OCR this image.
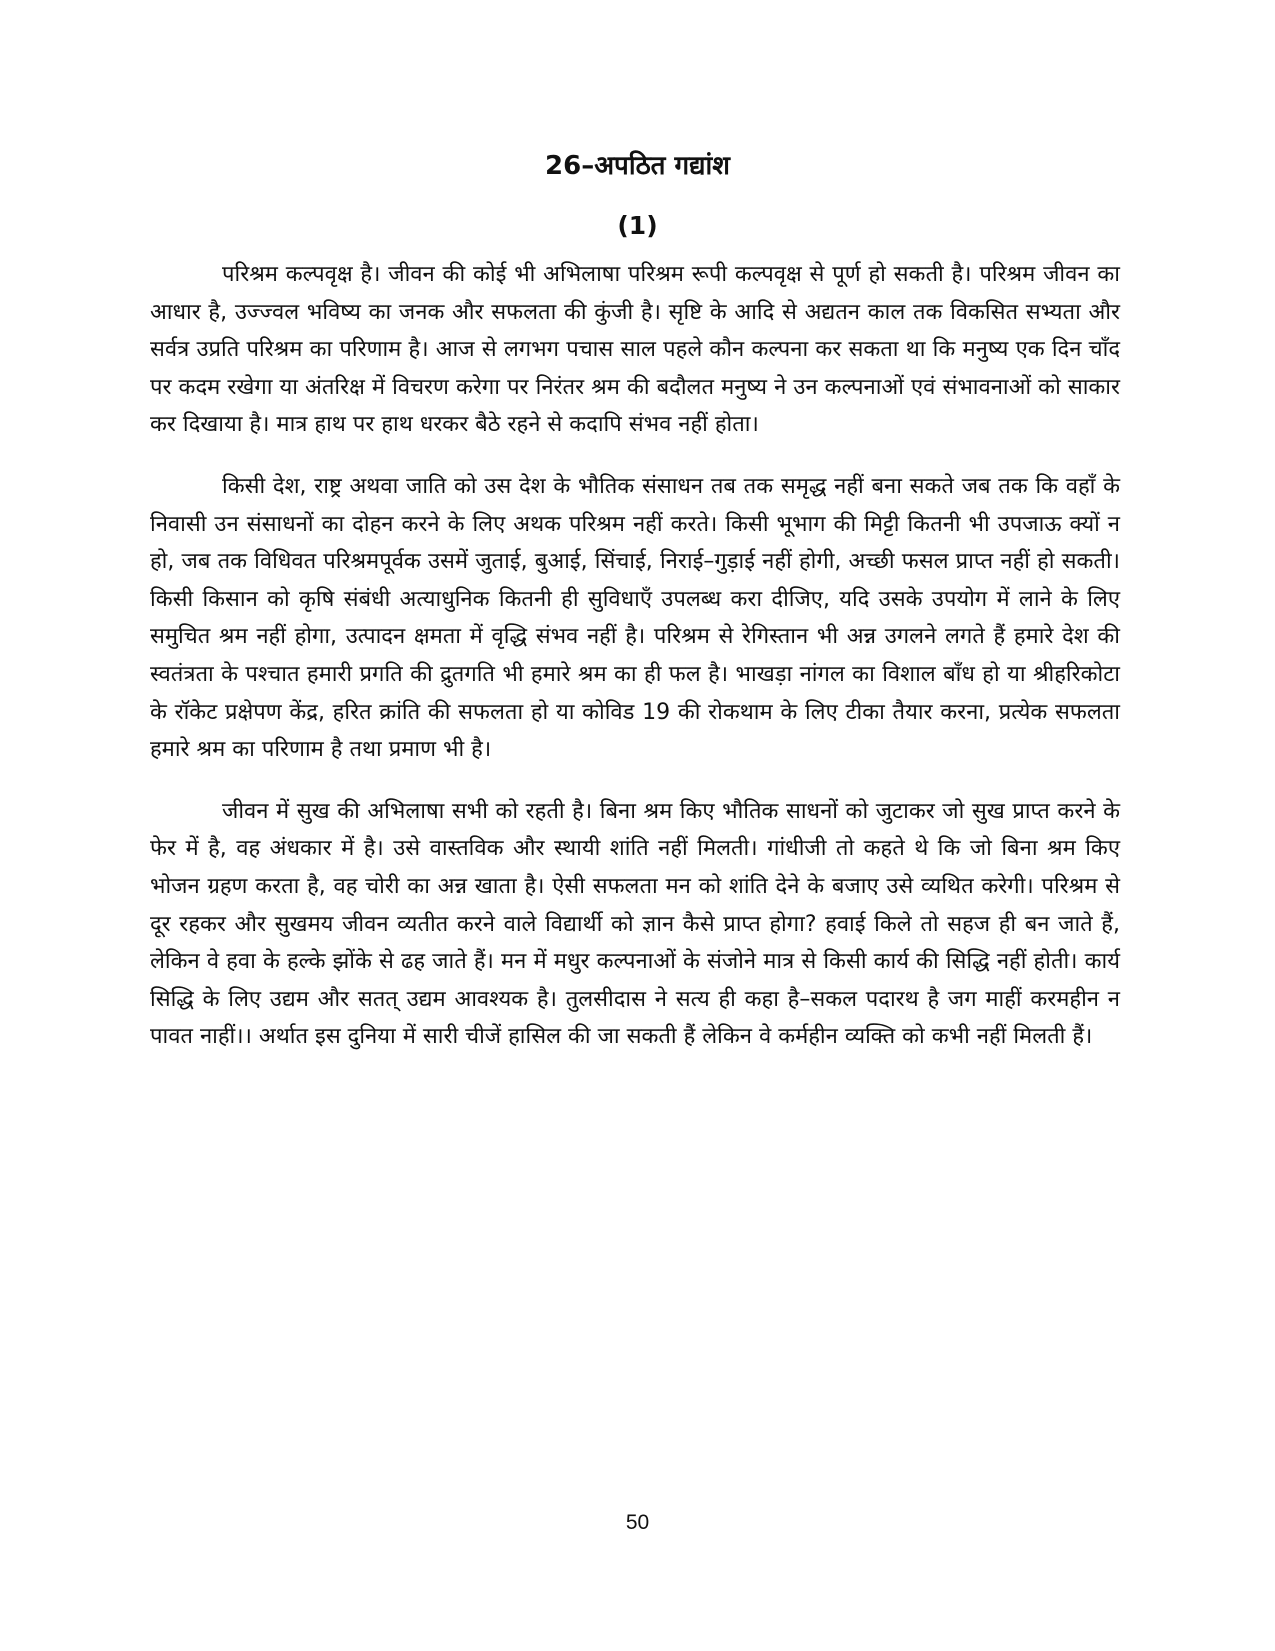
26–अपठित गद्यांश
(1)

परिश्रम कल्पवृक्ष है। जीवन की कोई भी अभिलाषा परिश्रम रूपी कल्पवृक्ष से पूर्ण हो सकती है। परिश्रम जीवन का आधार है, उज्ज्वल भविष्य का जनक और सफलता की कुंजी है। सृष्टि के आदि से अद्यतन काल तक विकसित सभ्यता और सर्वत्र उप्रति परिश्रम का परिणाम है। आज से लगभग पचास साल पहले कौन कल्पना कर सकता था कि मनुष्य एक दिन चाँद पर कदम रखेगा या अंतरिक्ष में विचरण करेगा पर निरंतर श्रम की बदौलत मनुष्य ने उन कल्पनाओं एवं संभावनाओं को साकार कर दिखाया है। मात्र हाथ पर हाथ धरकर बैठे रहने से कदापि संभव नहीं होता।

किसी देश, राष्ट्र अथवा जाति को उस देश के भौतिक संसाधन तब तक समृद्ध नहीं बना सकते जब तक कि वहाँ के निवासी उन संसाधनों का दोहन करने के लिए अथक परिश्रम नहीं करते। किसी भूभाग की मिट्टी कितनी भी उपजाऊ क्यों न हो, जब तक विधिवत परिश्रमपूर्वक उसमें जुताई, बुआई, सिंचाई, निराई–गुड़ाई नहीं होगी, अच्छी फसल प्राप्त नहीं हो सकती। किसी किसान को कृषि संबंधी अत्याधुनिक कितनी ही सुविधाएँ उपलब्ध करा दीजिए, यदि उसके उपयोग में लाने के लिए समुचित श्रम नहीं होगा, उत्पादन क्षमता में वृद्धि संभव नहीं है। परिश्रम से रेगिस्तान भी अन्न उगलने लगते हैं हमारे देश की स्वतंत्रता के पश्चात हमारी प्रगति की द्रुतगति भी हमारे श्रम का ही फल है। भाखड़ा नांगल का विशाल बाँध हो या श्रीहरिकोटा के रॉकेट प्रक्षेपण केंद्र, हरित क्रांति की सफलता हो या कोविड 19 की रोकथाम के लिए टीका तैयार करना, प्रत्येक सफलता हमारे श्रम का परिणाम है तथा प्रमाण भी है।

जीवन में सुख की अभिलाषा सभी को रहती है। बिना श्रम किए भौतिक साधनों को जुटाकर जो सुख प्राप्त करने के फेर में है, वह अंधकार में है। उसे वास्तविक और स्थायी शांति नहीं मिलती। गांधीजी तो कहते थे कि जो बिना श्रम किए भोजन ग्रहण करता है, वह चोरी का अन्न खाता है। ऐसी सफलता मन को शांति देने के बजाए उसे व्यथित करेगी। परिश्रम से दूर रहकर और सुखमय जीवन व्यतीत करने वाले विद्यार्थी को ज्ञान कैसे प्राप्त होगा? हवाई किले तो सहज ही बन जाते हैं, लेकिन वे हवा के हल्के झोंके से ढह जाते हैं। मन में मधुर कल्पनाओं के संजोने मात्र से किसी कार्य की सिद्धि नहीं होती। कार्य सिद्धि के लिए उद्यम और सतत् उद्यम आवश्यक है। तुलसीदास ने सत्य ही कहा है–सकल पदारथ है जग माहीं करमहीन न पावत नाहीं।। अर्थात इस दुनिया में सारी चीजें हासिल की जा सकती हैं लेकिन वे कर्महीन व्यक्ति को कभी नहीं मिलती हैं।

50
